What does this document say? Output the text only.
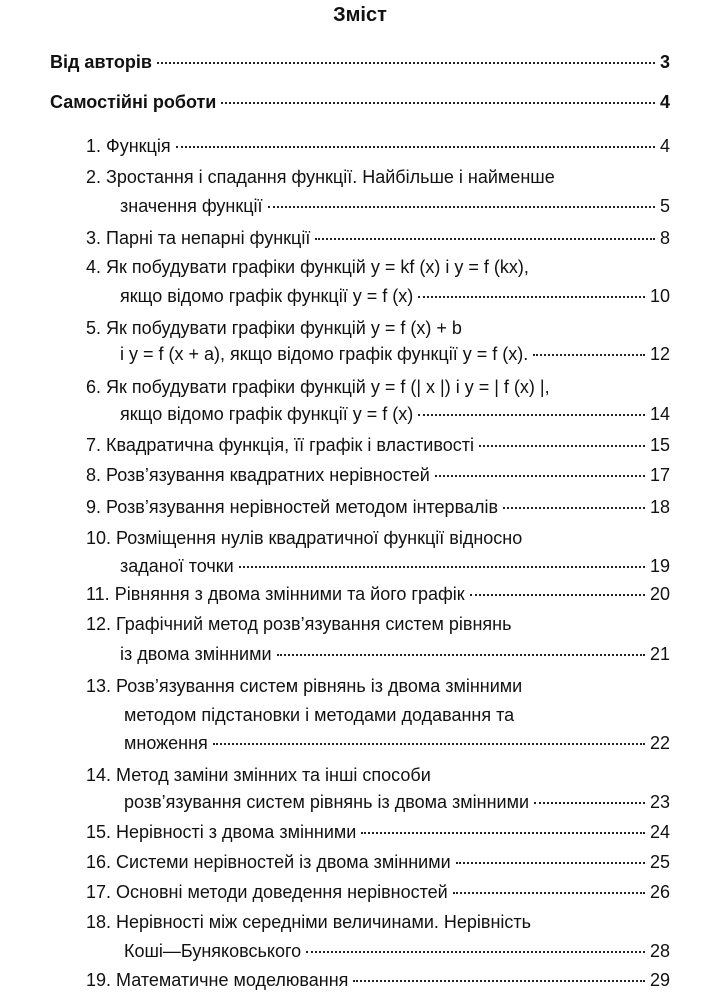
Зміст
Від авторів	3
Самостійні роботи	4
1. Функція	4
2. Зростання і спадання функції. Найбільше і найменше
значення функції	5
3. Парні та непарні функції	8
4. Як побудувати графіки функцій y = kf (x) і y = f (kx),
якщо відомо графік функції y = f (x)	10
5. Як побудувати графіки функцій y = f (x) + b
і y = f (x + a), якщо відомо графік функції y = f (x).	12
6. Як побудувати графіки функцій y = f (| x |) і y = | f (x) |,
якщо відомо графік функції y = f (x)	14
7. Квадратична функція, її графік і властивості	15
8. Розв’язування квадратних нерівностей	17
9. Розв’язування нерівностей методом інтервалів	18
10. Розміщення нулів квадратичної функції відносно
заданої точки	19
11. Рівняння з двома змінними та його графік	20
12. Графічний метод розв’язування систем рівнянь
із двома змінними	21
13. Розв’язування систем рівнянь із двома змінними
методом підстановки і методами додавання та
множення	22
14. Метод заміни змінних та інші способи
розв’язування систем рівнянь із двома змінними	23
15. Нерівності з двома змінними	24
16. Системи нерівностей із двома змінними	25
17. Основні методи доведення нерівностей	26
18. Нерівності між середніми величинами. Нерівність
Коші—Буняковського	28
19. Математичне моделювання	29
